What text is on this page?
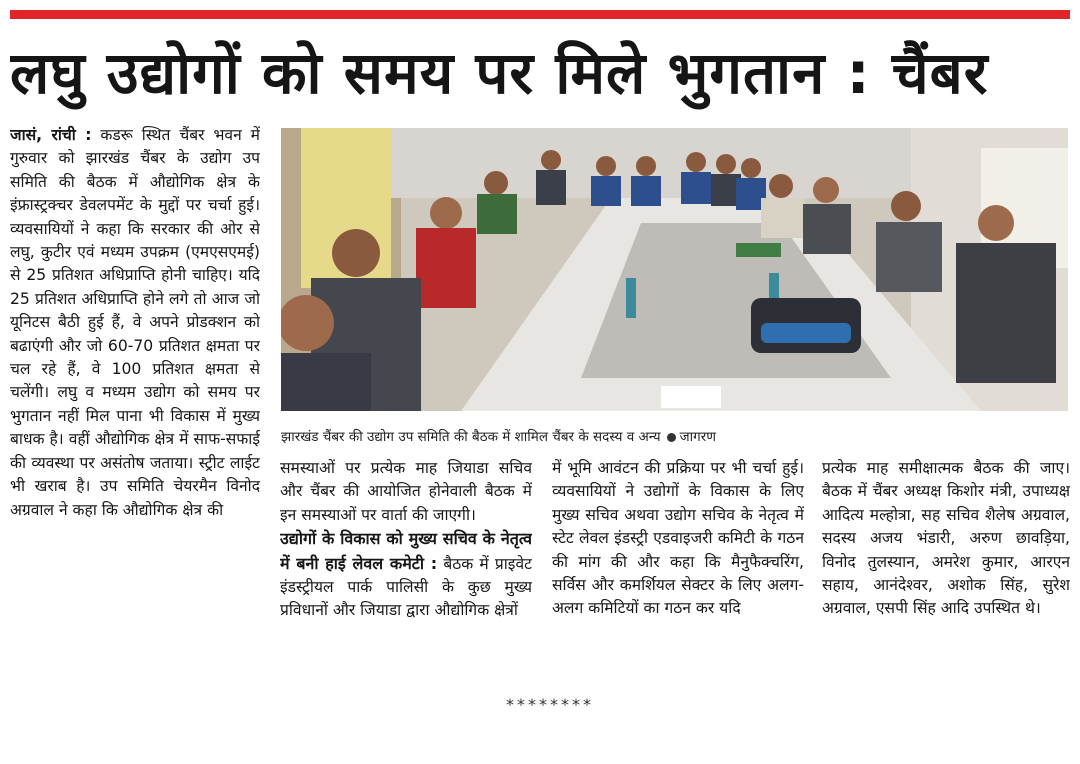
लघु उद्योगों को समय पर मिले भुगतान : चैंबर

जासं, रांची : कडरू स्थित चैंबर भवन में गुरुवार को झारखंड चैंबर के उद्योग उप समिति की बैठक में औद्योगिक क्षेत्र के इंफ्रास्ट्रक्चर डेवलपमेंट के मुद्दों पर चर्चा हुई। व्यवसायियों ने कहा कि सरकार की ओर से लघु, कुटीर एवं मध्यम उपक्रम (एमएसएमई) से 25 प्रतिशत अधिप्राप्ति होनी चाहिए। यदि 25 प्रतिशत अधिप्राप्ति होने लगे तो आज जो यूनिटस बैठी हुई हैं, वे अपने प्रोडक्शन को बढाएंगी और जो 60-70 प्रतिशत क्षमता पर चल रहे हैं, वे 100 प्रतिशत क्षमता से चलेंगी। लघु व मध्यम उद्योग को समय पर भुगतान नहीं मिल पाना भी विकास में मुख्य बाधक है। वहीं औद्योगिक क्षेत्र में साफ-सफाई की व्यवस्था पर असंतोष जताया। स्ट्रीट लाईट भी खराब है। उप समिति चेयरमैन विनोद अग्रवाल ने कहा कि औद्योगिक क्षेत्र की

झारखंड चैंबर की उद्योग उप समिति की बैठक में शामिल चैंबर के सदस्य व अन्य जागरण

समस्याओं पर प्रत्येक माह जियाडा सचिव और चैंबर की आयोजित होनेवाली बैठक में इन समस्याओं पर वार्ता की जाएगी।

उद्योगों के विकास को मुख्य सचिव के नेतृत्व में बनी हाई लेवल कमेटी : बैठक में प्राइवेट इंडस्ट्रीयल पार्क पालिसी के कुछ मुख्य प्रविधानों और जियाडा द्वारा औद्योगिक क्षेत्रों

में भूमि आवंटन की प्रक्रिया पर भी चर्चा हुई। व्यवसायियों ने उद्योगों के विकास के लिए मुख्य सचिव अथवा उद्योग सचिव के नेतृत्व में स्टेट लेवल इंडस्ट्री एडवाइजरी कमिटी के गठन की मांग की और कहा कि मैनुफैक्चरिंग, सर्विस और कमर्शियल सेक्टर के लिए अलग-अलग कमिटियों का गठन कर यदि

प्रत्येक माह समीक्षात्मक बैठक की जाए। बैठक में चैंबर अध्यक्ष किशोर मंत्री, उपाध्यक्ष आदित्य मल्होत्रा, सह सचिव शैलेष अग्रवाल, सदस्य अजय भंडारी, अरुण छावड़िया, विनोद तुलस्यान, अमरेश कुमार, आरएन सहाय, आनंदेश्वर, अशोक सिंह, सुरेश अग्रवाल, एसपी सिंह आदि उपस्थित थे।

********
